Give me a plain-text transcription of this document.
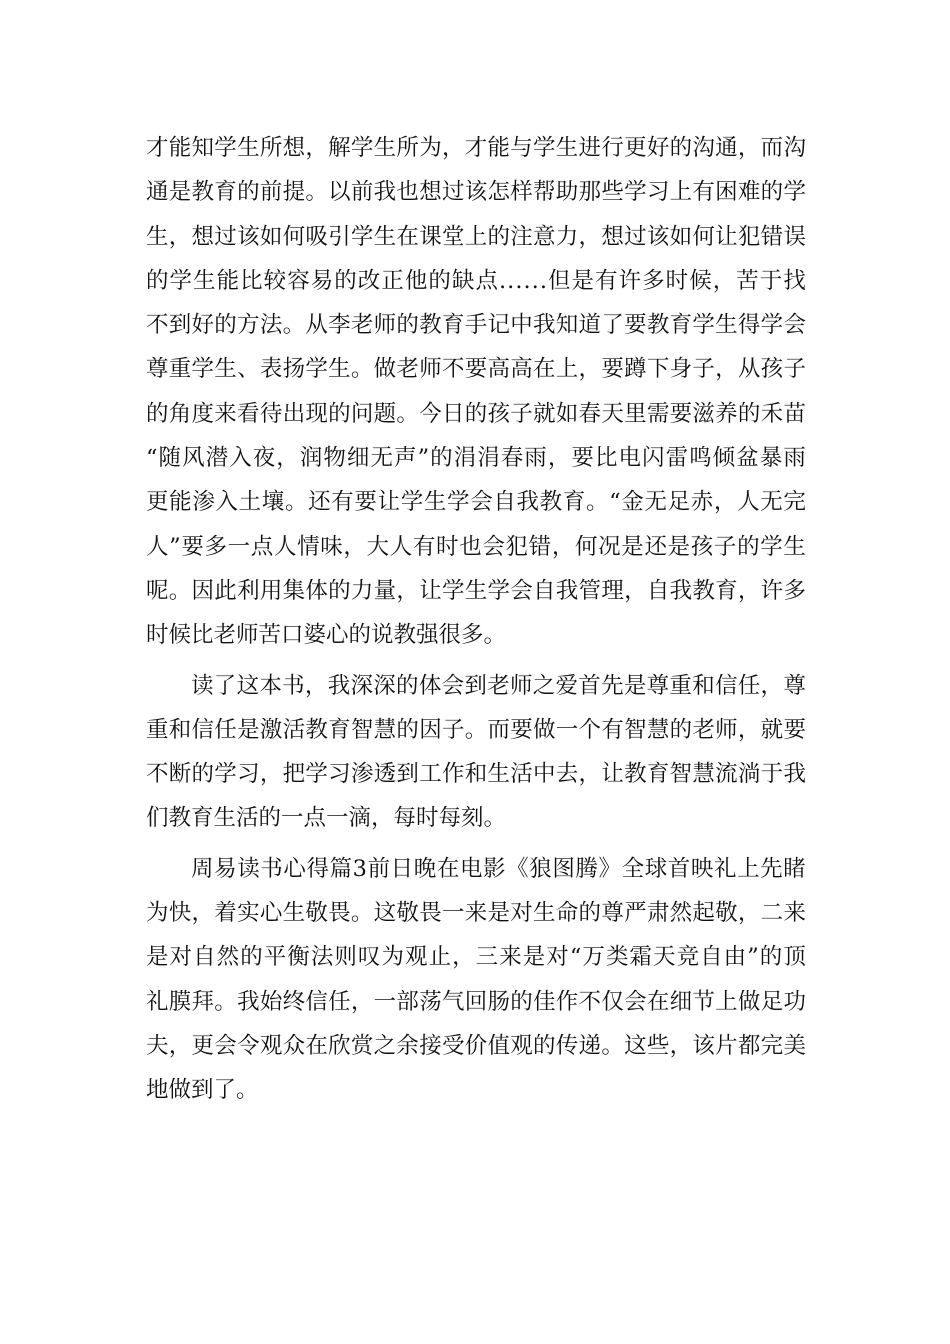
才 能 知 学 生 所 想 ， 解 学 生 所 为 ， 才 能 与 学 生 进 行 更 好 的 沟 通 ， 而 沟
通 是 教 育 的 前 提 。 以 前 我 也 想 过 该 怎 样 帮 助 那 些 学 习 上 有 困 难 的 学
生 ， 想 过 该 如 何 吸 引 学 生 在 课 堂 上 的 注 意 力 ， 想 过 该 如 何 让 犯 错 误
的 学 生 能 比 较 容 易 的 改 正 他 的 缺 点 . . . . . . 但 是 有 许 多 时 候 ， 苦 于 找
不 到 好 的 方 法 。 从 李 老 师 的 教 育 手 记 中 我 知 道 了 要 教 育 学 生 得 学 会
尊 重 学 生 、 表 扬 学 生 。 做 老 师 不 要 高 高 在 上 ， 要 蹲 下 身 子 ， 从 孩 子
的 角 度 来 看 待 出 现 的 问 题 。 今 日 的 孩 子 就 如 春 天 里 需 要 滋 养 的 禾 苗
“ 随 风 潜 入 夜 ， 润 物 细 无 声 ” 的 涓 涓 春 雨 ， 要 比 电 闪 雷 鸣 倾 盆 暴 雨
更 能 渗 入 土 壤 。 还 有 要 让 学 生 学 会 自 我 教 育 。 “ 金 无 足 赤 ， 人 无 完
人 ” 要 多 一 点 人 情 味 ， 大 人 有 时 也 会 犯 错 ， 何 况 是 还 是 孩 子 的 学 生
呢 。 因 此 利 用 集 体 的 力 量 ， 让 学 生 学 会 自 我 管 理 ， 自 我 教 育 ， 许 多
时候比老师苦口婆心的说教强很多。
读 了 这 本 书 ， 我 深 深 的 体 会 到 老 师 之 爱 首 先 是 尊 重 和 信 任 ， 尊
重 和 信 任 是 激 活 教 育 智 慧 的 因 子 。 而 要 做 一 个 有 智 慧 的 老 师 ， 就 要
不 断 的 学 习 ， 把 学 习 渗 透 到 工 作 和 生 活 中 去 ， 让 教 育 智 慧 流 淌 于 我
们教育生活的一点一滴，每时每刻。
周 易 读 书 心 得 篇 3 前 日 晚 在 电 影 《 狼 图 腾 》 全 球 首 映 礼 上 先 睹
为 快 ， 着 实 心 生 敬 畏 。 这 敬 畏 一 来 是 对 生 命 的 尊 严 肃 然 起 敬 ， 二 来
是 对 自 然 的 平 衡 法 则 叹 为 观 止 ， 三 来 是 对 “ 万 类 霜 天 竞 自 由 ” 的 顶
礼 膜 拜 。 我 始 终 信 任 ， 一 部 荡 气 回 肠 的 佳 作 不 仅 会 在 细 节 上 做 足 功
夫 ， 更 会 令 观 众 在 欣 赏 之 余 接 受 价 值 观 的 传 递 。 这 些 ， 该 片 都 完 美
地做到了。
